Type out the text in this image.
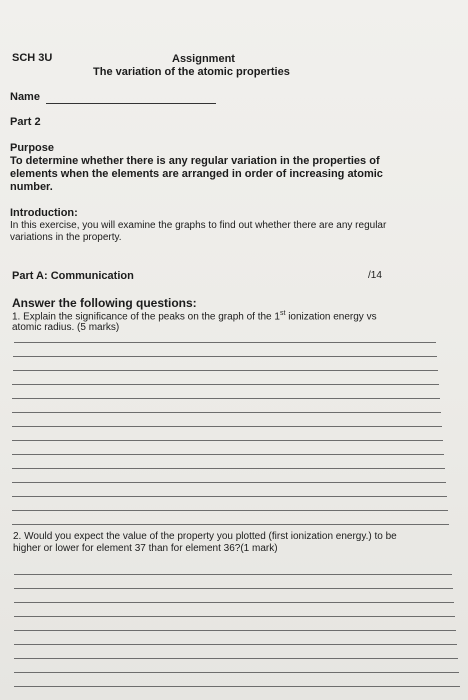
SCH 3U	Assignment
The variation of the atomic properties
Name
Part 2
Purpose
To determine whether there is any regular variation in the properties of
elements when the elements are arranged in order of increasing atomic
number.
Introduction:
In this exercise, you will examine the graphs to find out whether there are any regular
variations in the property.
Part A: Communication	/14
Answer the following questions:
1. Explain the significance of the peaks on the graph of the 1st ionization energy vs
atomic radius. (5 marks)
2. Would you expect the value of the property you plotted (first ionization energy.) to be
higher or lower for element 37 than for element 36?(1 mark)
